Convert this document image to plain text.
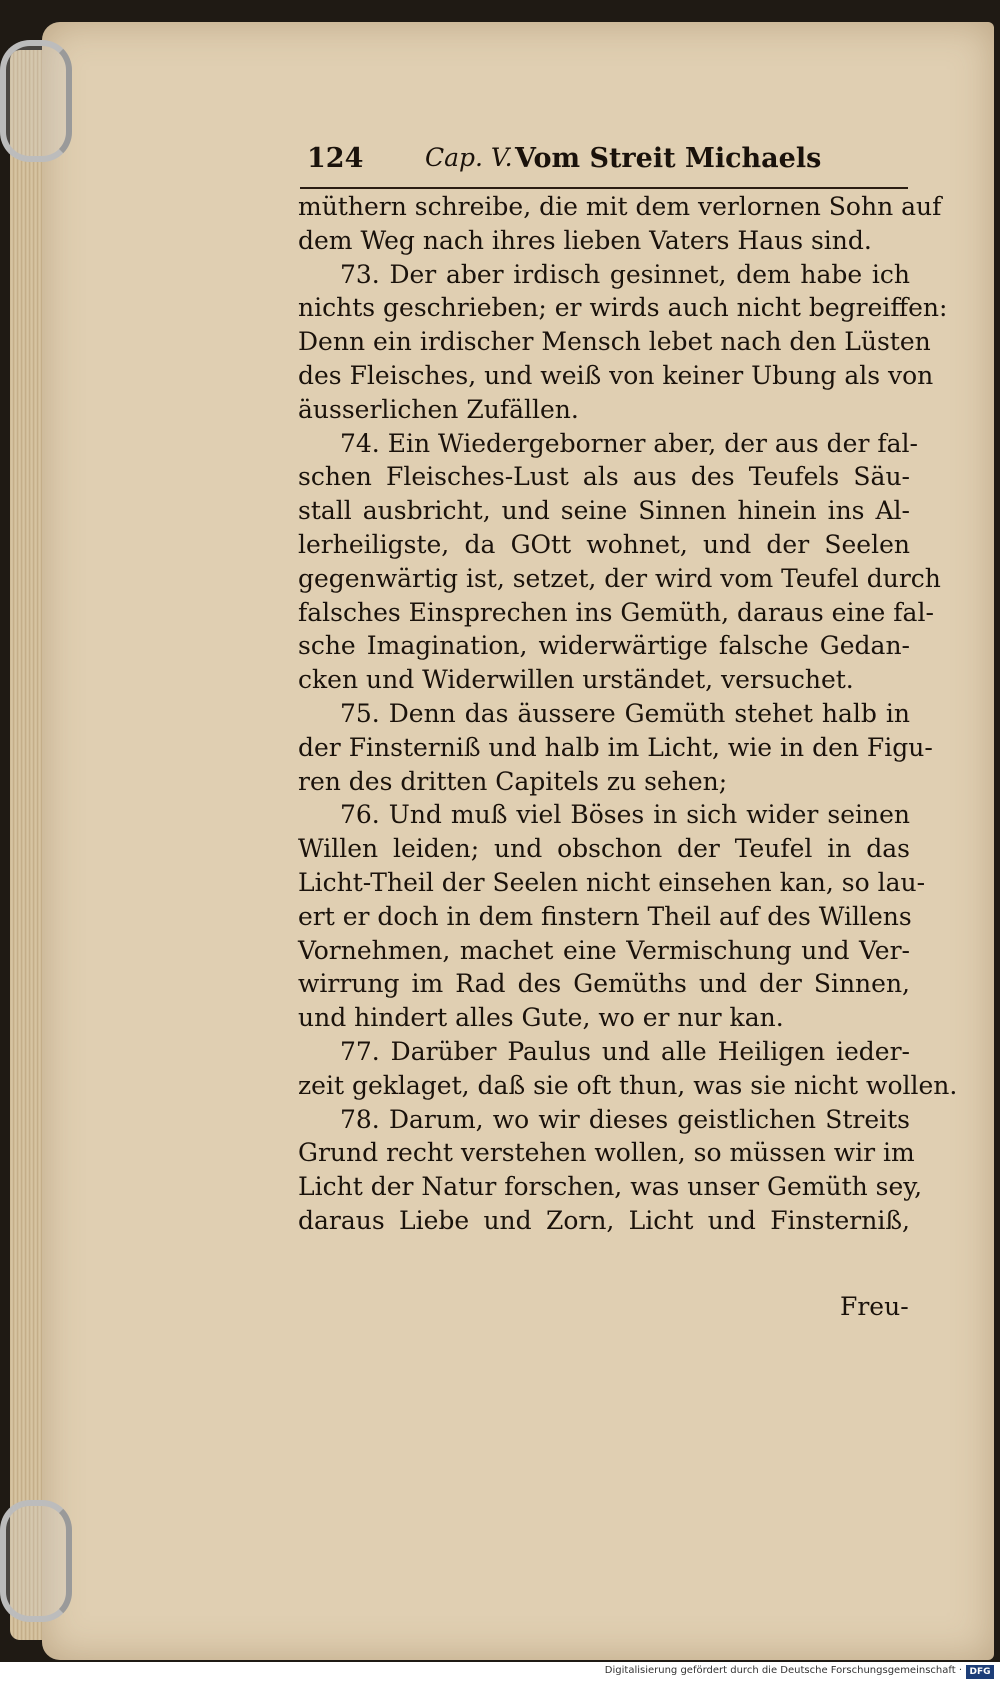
124 Cap. V. Vom Streit Michaels
müthern schreibe, die mit dem verlornen Sohn auf
dem Weg nach ihres lieben Vaters Haus sind.
73. Der aber irdisch gesinnet, dem habe ich
nichts geschrieben; er wirds auch nicht begreiffen:
Denn ein irdischer Mensch lebet nach den Lüsten
des Fleisches, und weiß von keiner Ubung als von
äusserlichen Zufällen.
74. Ein Wiedergeborner aber, der aus der fal-
schen Fleisches-Lust als aus des Teufels Säu-
stall ausbricht, und seine Sinnen hinein ins Al-
lerheiligste, da GOtt wohnet, und der Seelen
gegenwärtig ist, setzet, der wird vom Teufel durch
falsches Einsprechen ins Gemüth, daraus eine fal-
sche Imagination, widerwärtige falsche Gedan-
cken und Widerwillen urständet, versuchet.
75. Denn das äussere Gemüth stehet halb in
der Finsterniß und halb im Licht, wie in den Figu-
ren des dritten Capitels zu sehen;
76. Und muß viel Böses in sich wider seinen
Willen leiden; und obschon der Teufel in das
Licht-Theil der Seelen nicht einsehen kan, so lau-
ert er doch in dem finstern Theil auf des Willens
Vornehmen, machet eine Vermischung und Ver-
wirrung im Rad des Gemüths und der Sinnen,
und hindert alles Gute, wo er nur kan.
77. Darüber Paulus und alle Heiligen ieder-
zeit geklaget, daß sie oft thun, was sie nicht wollen.
78. Darum, wo wir dieses geistlichen Streits
Grund recht verstehen wollen, so müssen wir im
Licht der Natur forschen, was unser Gemüth sey,
daraus Liebe und Zorn, Licht und Finsterniß,
Freu-
Digitalisierung gefördert durch die Deutsche Forschungsgemeinschaft · DFG
